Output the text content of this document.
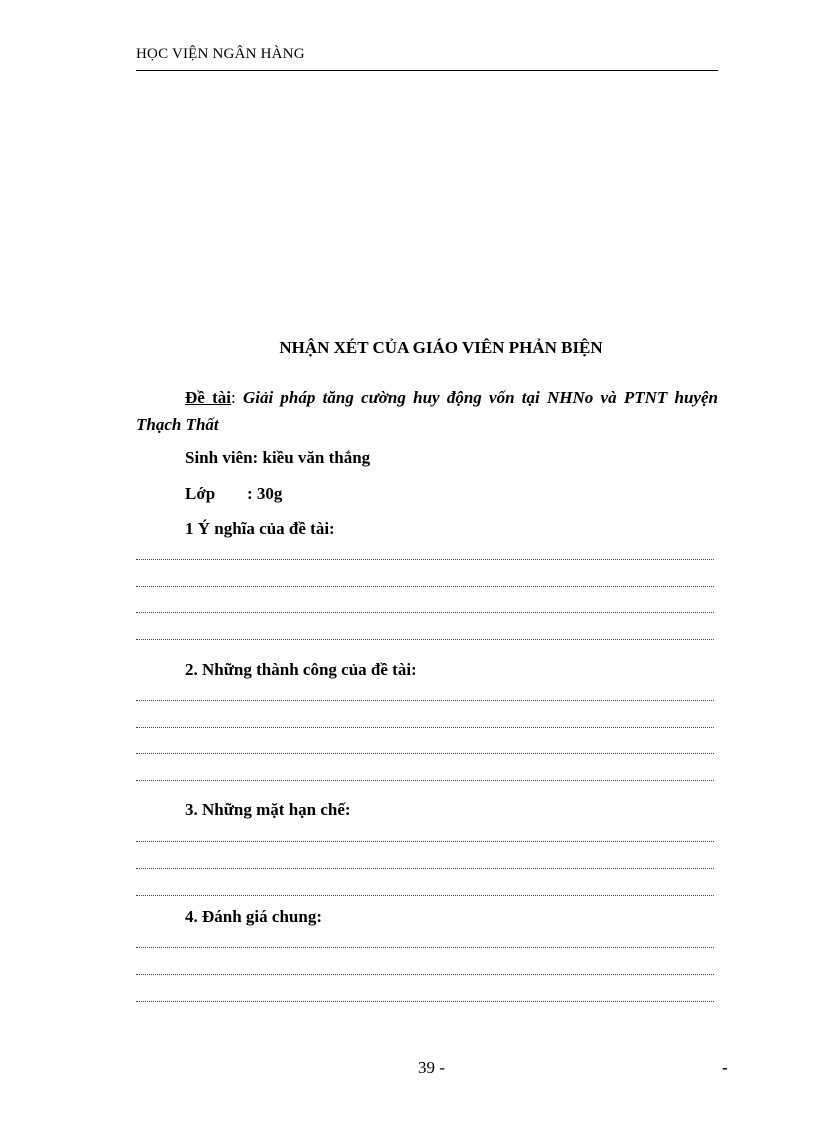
HỌC VIỆN NGÂN HÀNG
NHẬN XÉT CỦA GIÁO VIÊN PHẢN BIỆN
Đề tài: Giải pháp tăng cường huy động vốn tại NHNo và PTNT huyện Thạch Thất
Sinh viên: kiều văn thắng
Lớp : 30g
1 Ý nghĩa của đề tài:
2. Những thành công của đề tài:
3. Những mặt hạn chế:
4. Đánh giá chung:
39 -	-
